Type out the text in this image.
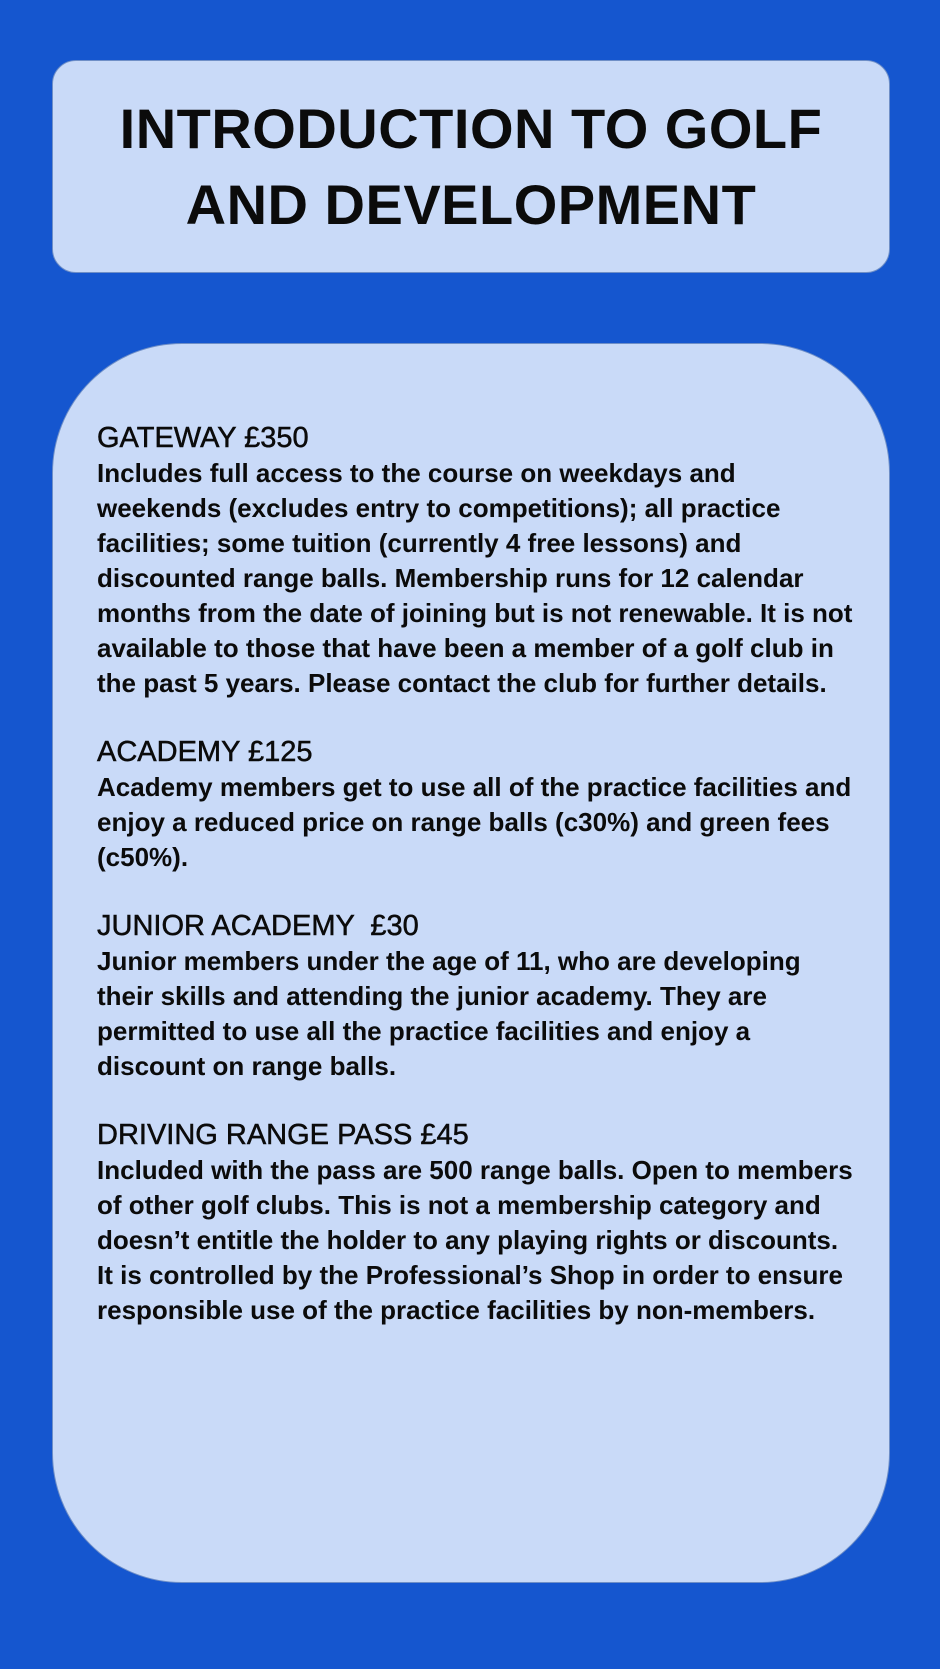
INTRODUCTION TO GOLF
AND DEVELOPMENT
GATEWAY £350

Includes full access to the course on weekdays and weekends (excludes entry to competitions); all practice facilities; some tuition (currently 4 free lessons) and discounted range balls. Membership runs for 12 calendar months from the date of joining but is not renewable. It is not available to those that have been a member of a golf club in the past 5 years. Please contact the club for further details.

ACADEMY £125

Academy members get to use all of the practice facilities and enjoy a reduced price on range balls (c30%) and green fees (c50%).

JUNIOR ACADEMY  £30

Junior members under the age of 11, who are developing their skills and attending the junior academy. They are permitted to use all the practice facilities and enjoy a discount on range balls.

DRIVING RANGE PASS £45

Included with the pass are 500 range balls. Open to members of other golf clubs. This is not a membership category and doesn’t entitle the holder to any playing rights or discounts. It is controlled by the Professional’s Shop in order to ensure responsible use of the practice facilities by non-members.
